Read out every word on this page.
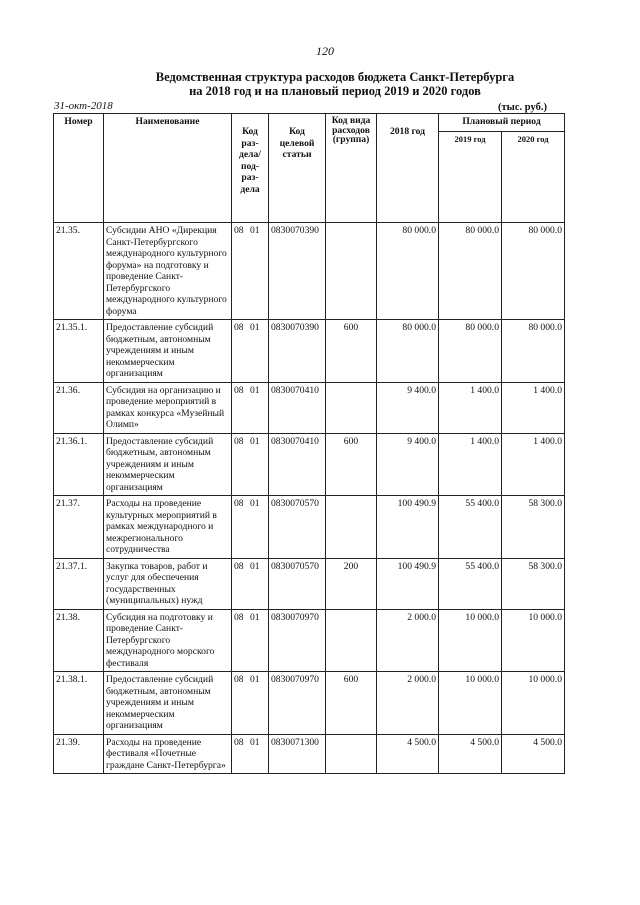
120
Ведомственная структура расходов бюджета Санкт-Петербурга
на 2018 год и на плановый период 2019 и 2020 годов
31-окт-2018	(тыс. руб.)
Номер	Наименование	Код раз-дела/ под-раз-дела	Код целевой статьи	Код вида расходов (группа)	2018 год	Плановый период	
						2019 год	2020 год
21.35.	Субсидии АНО «Дирекция Санкт-Петербургского международного культурного форума» на подготовку и проведение Санкт-Петербургского международного культурного форума	08 01	0830070390		80 000.0	80 000.0	80 000.0
21.35.1.	Предоставление субсидий бюджетным, автономным учреждениям и иным некоммерческим организациям	08 01	0830070390	600	80 000.0	80 000.0	80 000.0
21.36.	Субсидия на организацию и проведение мероприятий в рамках конкурса «Музейный Олимп»	08 01	0830070410		9 400.0	1 400.0	1 400.0
21.36.1.	Предоставление субсидий бюджетным, автономным учреждениям и иным некоммерческим организациям	08 01	0830070410	600	9 400.0	1 400.0	1 400.0
21.37.	Расходы на проведение культурных мероприятий в рамках международного и межрегионального сотрудничества	08 01	0830070570		100 490.9	55 400.0	58 300.0
21.37.1.	Закупка товаров, работ и услуг для обеспечения государственных (муниципальных) нужд	08 01	0830070570	200	100 490.9	55 400.0	58 300.0
21.38.	Субсидия на подготовку и проведение Санкт-Петербургского международного морского фестиваля	08 01	0830070970		2 000.0	10 000.0	10 000.0
21.38.1.	Предоставление субсидий бюджетным, автономным учреждениям и иным некоммерческим организациям	08 01	0830070970	600	2 000.0	10 000.0	10 000.0
21.39.	Расходы на проведение фестиваля «Почетные граждане Санкт-Петербурга»	08 01	0830071300		4 500.0	4 500.0	4 500.0
